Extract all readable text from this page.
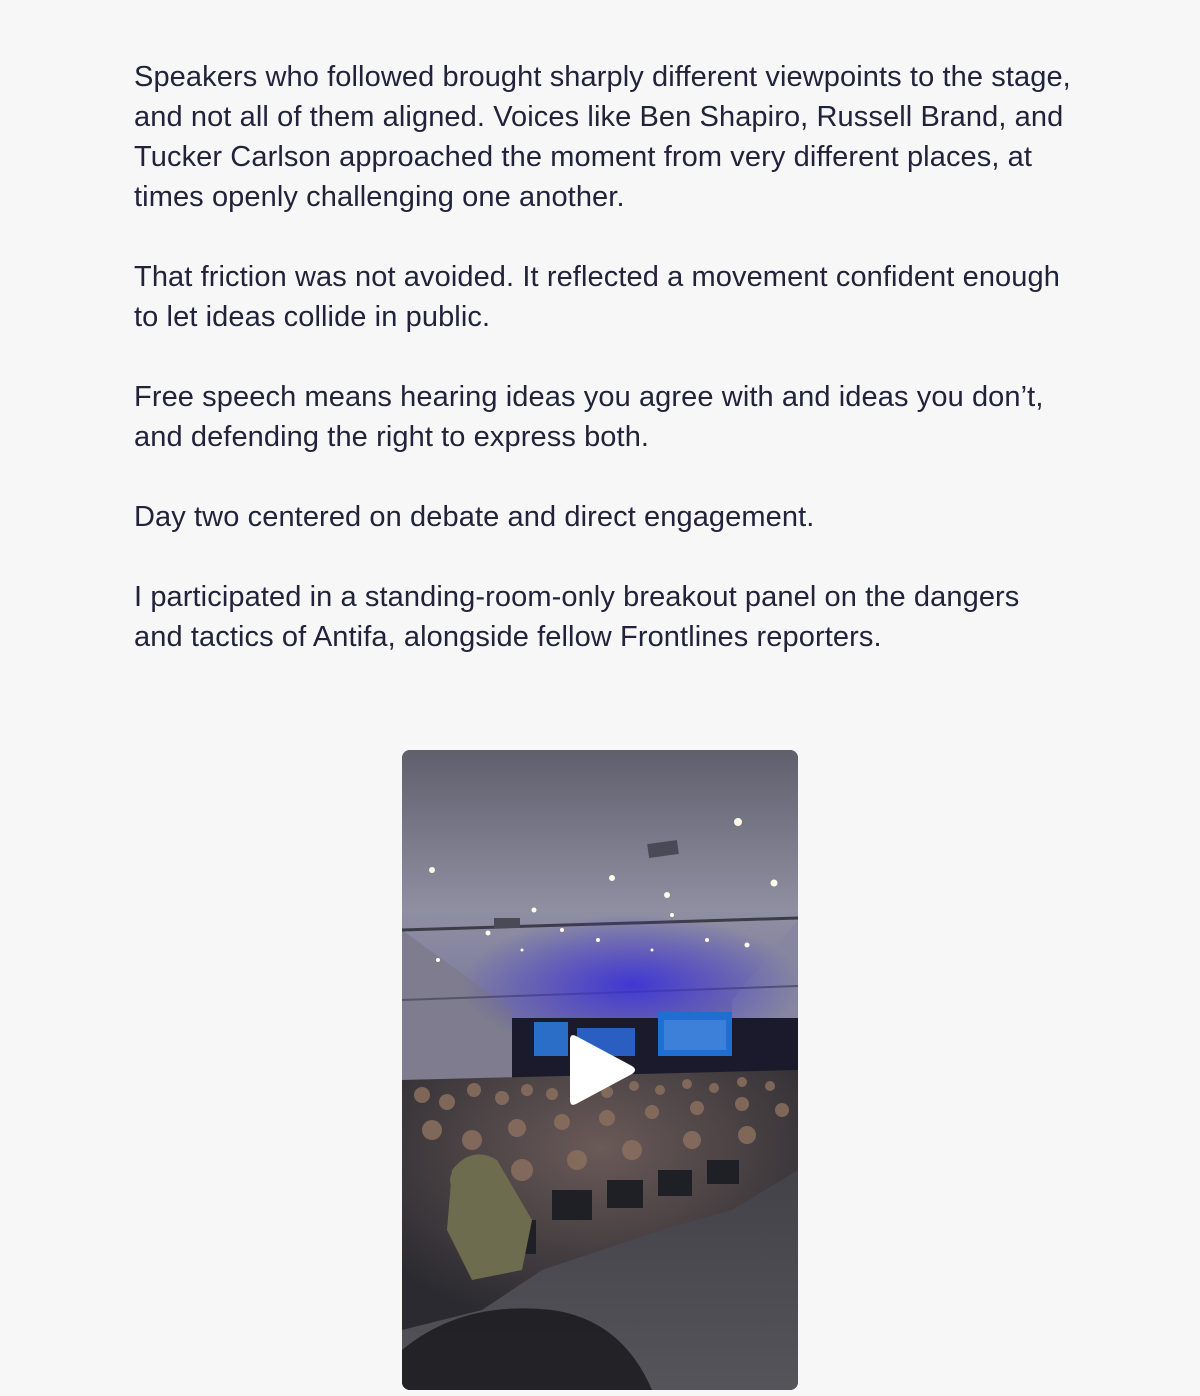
Speakers who followed brought sharply different viewpoints to the stage, and not all of them aligned. Voices like Ben Shapiro, Russell Brand, and Tucker Carlson approached the moment from very different places, at times openly challenging one another.

That friction was not avoided. It reflected a movement confident enough to let ideas collide in public.

Free speech means hearing ideas you agree with and ideas you don’t, and defending the right to express both.

Day two centered on debate and direct engagement.

I participated in a standing-room-only breakout panel on the dangers and tactics of Antifa, alongside fellow Frontlines reporters.
